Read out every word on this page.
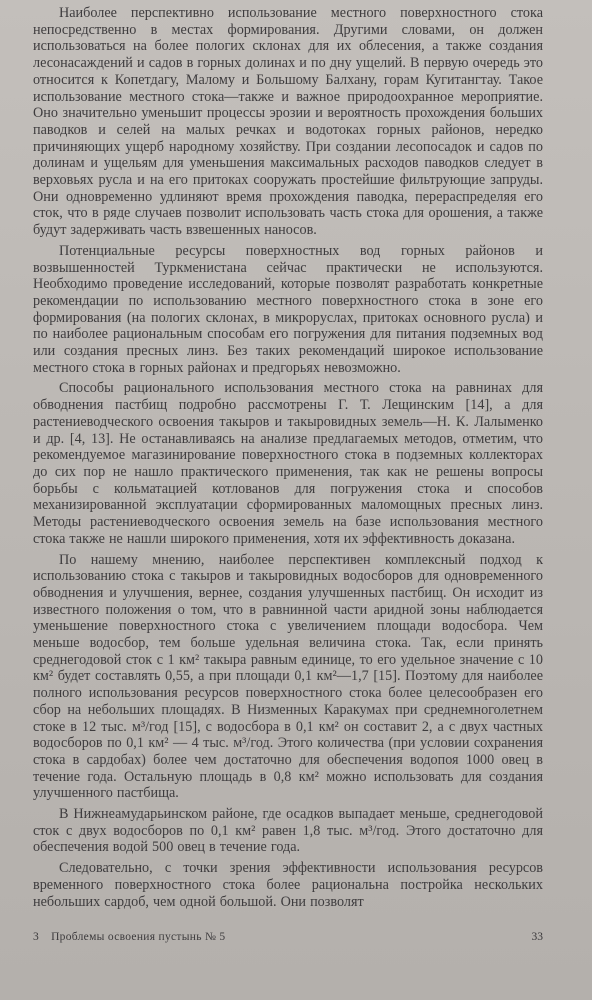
Наиболее перспективно использование местного поверхностного стока непосредственно в местах формирования. Другими словами, он должен использоваться на более пологих склонах для их облесения, а также создания лесонасаждений и садов в горных долинах и по дну ущелий. В первую очередь это относится к Копетдагу, Малому и Большому Балхану, горам Кугитангтау. Такое использование местного стока—также и важное природоохранное мероприятие. Оно значительно уменьшит процессы эрозии и вероятность прохождения больших паводков и селей на малых речках и водотоках горных районов, нередко причиняющих ущерб народному хозяйству. При создании лесопосадок и садов по долинам и ущельям для уменьшения максимальных расходов паводков следует в верховьях русла и на его притоках сооружать простейшие фильтрующие запруды. Они одновременно удлиняют время прохождения паводка, перераспределяя его сток, что в ряде случаев позволит использовать часть стока для орошения, а также будут задерживать часть взвешенных наносов.

Потенциальные ресурсы поверхностных вод горных районов и возвышенностей Туркменистана сейчас практически не используются. Необходимо проведение исследований, которые позволят разработать конкретные рекомендации по использованию местного поверхностного стока в зоне его формирования (на пологих склонах, в микроруслах, притоках основного русла) и по наиболее рациональным способам его погружения для питания подземных вод или создания пресных линз. Без таких рекомендаций широкое использование местного стока в горных районах и предгорьях невозможно.

Способы рационального использования местного стока на равнинах для обводнения пастбищ подробно рассмотрены Г. Т. Лещинским [14], а для растениеводческого освоения такыров и такыровидных земель—Н. К. Лалыменко и др. [4, 13]. Не останавливаясь на анализе предлагаемых методов, отметим, что рекомендуемое магазинирование поверхностного стока в подземных коллекторах до сих пор не нашло практического применения, так как не решены вопросы борьбы с кольматацией котлованов для погружения стока и способов механизированной эксплуатации сформированных маломощных пресных линз. Методы растениеводческого освоения земель на базе использования местного стока также не нашли широкого применения, хотя их эффективность доказана.

По нашему мнению, наиболее перспективен комплексный подход к использованию стока с такыров и такыровидных водосборов для одновременного обводнения и улучшения, вернее, создания улучшенных пастбищ. Он исходит из известного положения о том, что в равнинной части аридной зоны наблюдается уменьшение поверхностного стока с увеличением площади водосбора. Чем меньше водосбор, тем больше удельная величина стока. Так, если принять среднегодовой сток с 1 км² такыра равным единице, то его удельное значение с 10 км² будет составлять 0,55, а при площади 0,1 км²—1,7 [15]. Поэтому для наиболее полного использования ресурсов поверхностного стока более целесообразен его сбор на небольших площадях. В Низменных Каракумах при среднемноголетнем стоке в 12 тыс. м³/год [15], с водосбора в 0,1 км² он составит 2, а с двух частных водосборов по 0,1 км² — 4 тыс. м³/год. Этого количества (при условии сохранения стока в сардобах) более чем достаточно для обеспечения водопоя 1000 овец в течение года. Остальную площадь в 0,8 км² можно использовать для создания улучшенного пастбища.

В Нижнеамударьинском районе, где осадков выпадает меньше, среднегодовой сток с двух водосборов по 0,1 км² равен 1,8 тыс. м³/год. Этого достаточно для обеспечения водой 500 овец в течение года.

Следовательно, с точки зрения эффективности использования ресурсов временного поверхностного стока более рациональна постройка нескольких небольших сардоб, чем одной большой. Они позволят

3 Проблемы освоения пустынь № 5	33
